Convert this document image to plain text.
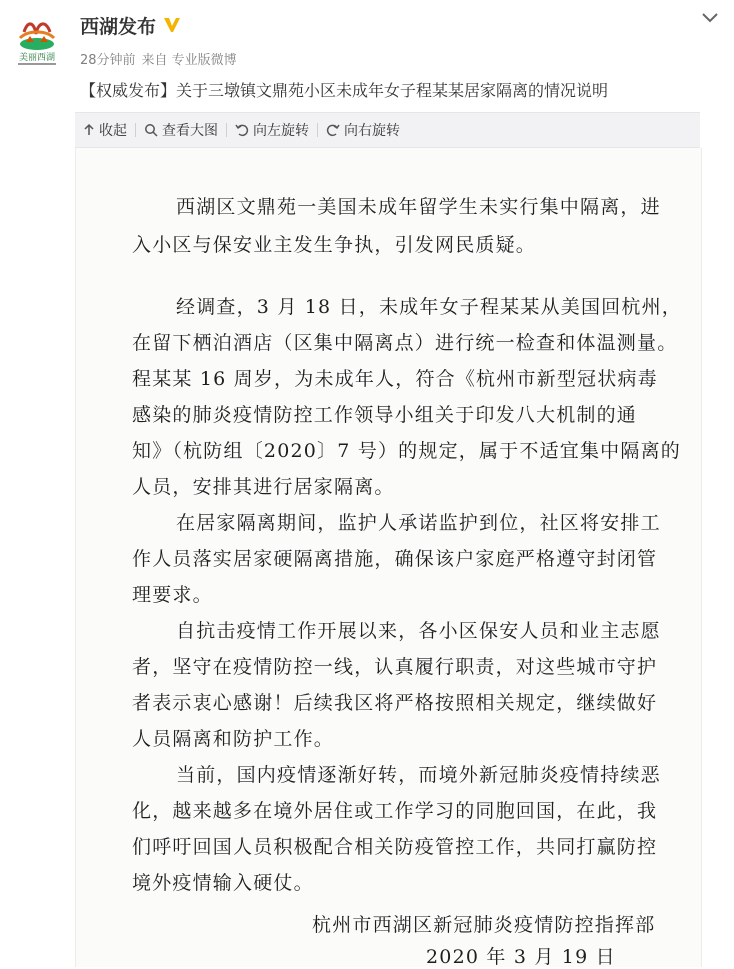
美丽西湖
西湖发布
28分钟前 来自 专业版微博
【权威发布】关于三墩镇文鼎苑小区未成年女子程某某居家隔离的情况说明
收起	查看大图	向左旋转	向右旋转
西湖区文鼎苑一美国未成年留学生未实行集中隔离，进
入小区与保安业主发生争执，引发网民质疑。
经调查，3 月 18 日，未成年女子程某某从美国回杭州，
在留下栖泊酒店（区集中隔离点）进行统一检查和体温测量。
程某某 16 周岁，为未成年人，符合《杭州市新型冠状病毒
感染的肺炎疫情防控工作领导小组关于印发八大机制的通
知》（杭防组〔2020〕7 号）的规定，属于不适宜集中隔离的
人员，安排其进行居家隔离。
在居家隔离期间，监护人承诺监护到位，社区将安排工
作人员落实居家硬隔离措施，确保该户家庭严格遵守封闭管
理要求。
自抗击疫情工作开展以来，各小区保安人员和业主志愿
者，坚守在疫情防控一线，认真履行职责，对这些城市守护
者表示衷心感谢！后续我区将严格按照相关规定，继续做好
人员隔离和防护工作。
当前，国内疫情逐渐好转，而境外新冠肺炎疫情持续恶
化，越来越多在境外居住或工作学习的同胞回国，在此，我
们呼吁回国人员积极配合相关防疫管控工作，共同打赢防控
境外疫情输入硬仗。
杭州市西湖区新冠肺炎疫情防控指挥部
2020 年 3 月 19 日
